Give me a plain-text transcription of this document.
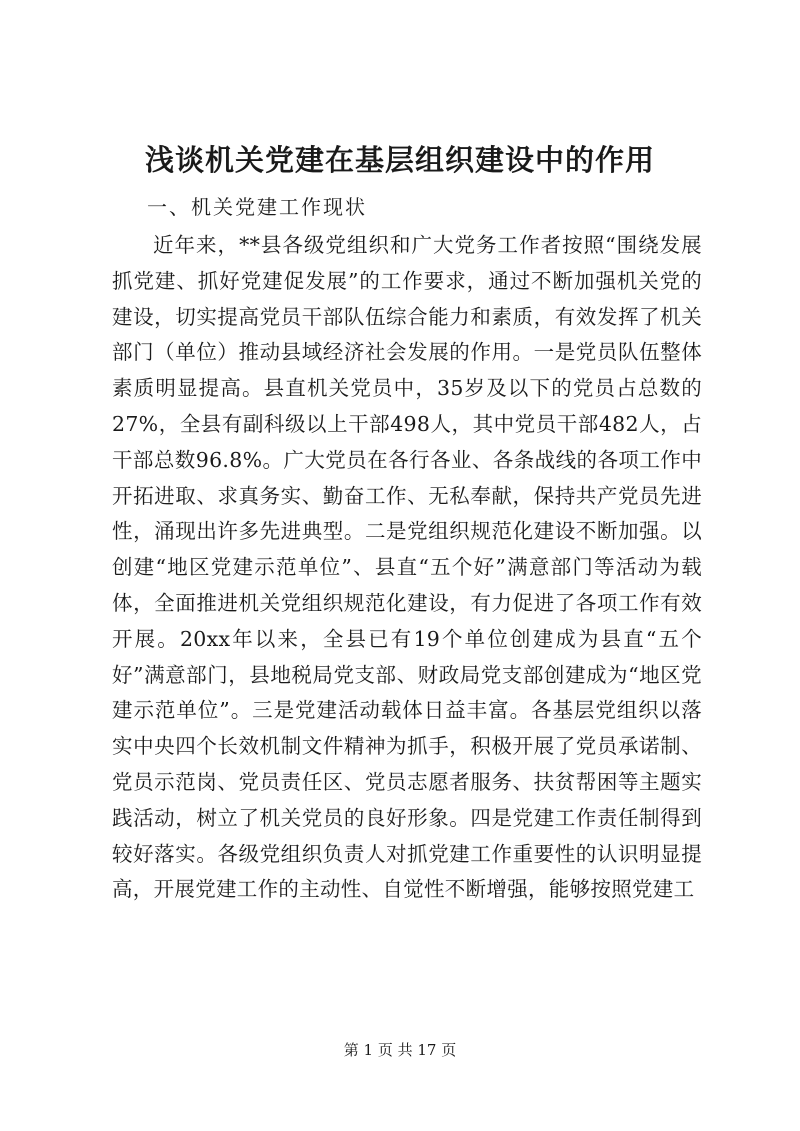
浅谈机关党建在基层组织建设中的作用

一、机关党建工作现状

近年来，**县各级党组织和广大党务工作者按照“围绕发展抓党建、抓好党建促发展”的工作要求，通过不断加强机关党的建设，切实提高党员干部队伍综合能力和素质，有效发挥了机关部门（单位）推动县域经济社会发展的作用。一是党员队伍整体素质明显提高。县直机关党员中，35岁及以下的党员占总数的27%，全县有副科级以上干部498人，其中党员干部482人，占干部总数96.8%。广大党员在各行各业、各条战线的各项工作中开拓进取、求真务实、勤奋工作、无私奉献，保持共产党员先进性，涌现出许多先进典型。二是党组织规范化建设不断加强。以创建“地区党建示范单位”、县直“五个好”满意部门等活动为载体，全面推进机关党组织规范化建设，有力促进了各项工作有效开展。20xx年以来，全县已有19个单位创建成为县直“五个好”满意部门，县地税局党支部、财政局党支部创建成为“地区党建示范单位”。三是党建活动载体日益丰富。各基层党组织以落实中央四个长效机制文件精神为抓手，积极开展了党员承诺制、党员示范岗、党员责任区、党员志愿者服务、扶贫帮困等主题实践活动，树立了机关党员的良好形象。四是党建工作责任制得到较好落实。各级党组织负责人对抓党建工作重要性的认识明显提高，开展党建工作的主动性、自觉性不断增强，能够按照党建工

第 1 页 共 17 页
